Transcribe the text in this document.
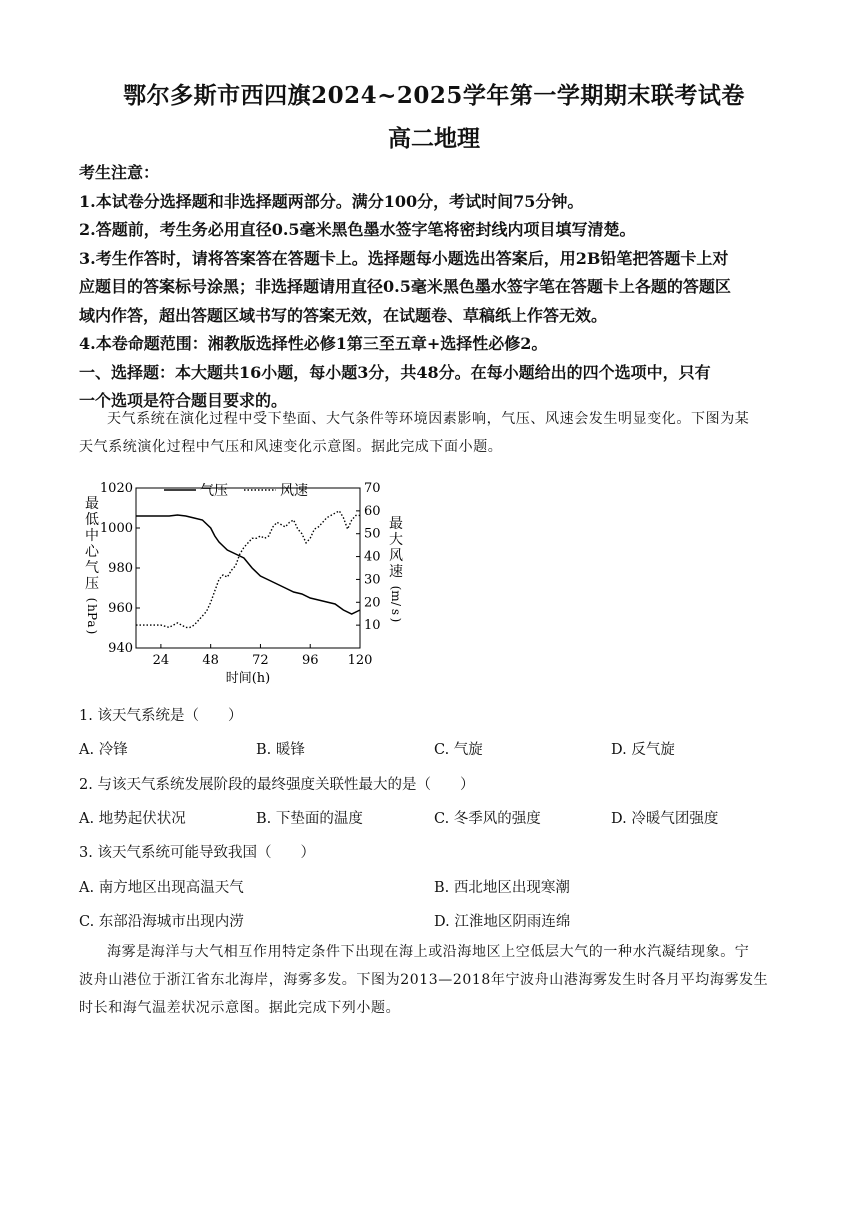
鄂尔多斯市西四旗2024~2025学年第一学期期末联考试卷
高二地理
考生注意：
1.本试卷分选择题和非选择题两部分。满分100分，考试时间75分钟。
2.答题前，考生务必用直径0.5毫米黑色墨水签字笔将密封线内项目填写清楚。
3.考生作答时，请将答案答在答题卡上。选择题每小题选出答案后，用2B铅笔把答题卡上对
应题目的答案标号涂黑；非选择题请用直径0.5毫米黑色墨水签字笔在答题卡上各题的答题区
域内作答，超出答题区域书写的答案无效，在试题卷、草稿纸上作答无效。
4.本卷命题范围：湘教版选择性必修1第三至五章+选择性必修2。
一、选择题：本大题共16小题，每小题3分，共48分。在每小题给出的四个选项中，只有
一个选项是符合题目要求的。
天气系统在演化过程中受下垫面、大气条件等环境因素影响，气压、风速会发生明显变化。下图为某
天气系统演化过程中气压和风速变化示意图。据此完成下面小题。
24	48	72	96 120
940
960
980
1000
1020
10
20
30
40
50
60
70
时间(h)
最
低
中
心
气
压
(
h
P
a
)
最
大
风
速
(
m
/
s
)
气压	风速
1. 该天气系统是（　　）
A. 冷锋	B. 暖锋	C. 气旋	D. 反气旋
2. 与该天气系统发展阶段的最终强度关联性最大的是（　　）
A. 地势起伏状况	B. 下垫面的温度	C. 冬季风的强度	D. 冷暖气团强度
3. 该天气系统可能导致我国（　　）
A. 南方地区出现高温天气	B. 西北地区出现寒潮
C. 东部沿海城市出现内涝	D. 江淮地区阴雨连绵
海雾是海洋与大气相互作用特定条件下出现在海上或沿海地区上空低层大气的一种水汽凝结现象。宁
波舟山港位于浙江省东北海岸，海雾多发。下图为2013—2018年宁波舟山港海雾发生时各月平均海雾发生
时长和海气温差状况示意图。据此完成下列小题。
